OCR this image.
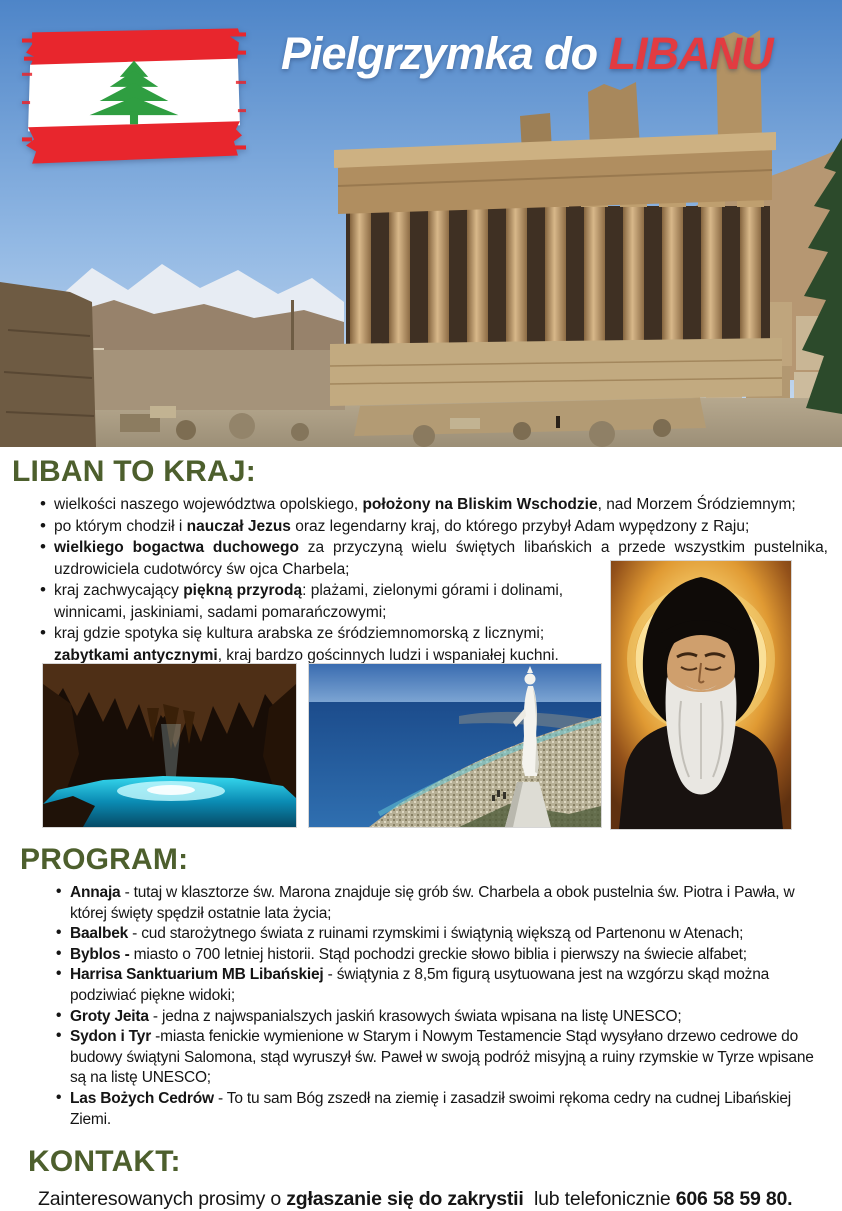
Pielgrzymka do LIBANU
LIBAN TO KRAJ:
• wielkości naszego województwa opolskiego, położony na Bliskim Wschodzie, nad Morzem Śródziemnym;
• po którym chodził i nauczał Jezus oraz legendarny kraj, do którego przybył Adam wypędzony z Raju;
• wielkiego bogactwa duchowego za przyczyną wielu świętych libańskich a przede wszystkim pustelnika, uzdrowiciela cudotwórcy św ojca Charbela;
• kraj zachwycający piękną przyrodą: plażami, zielonymi górami i dolinami, winnicami, jaskiniami, sadami pomarańczowymi;
• kraj gdzie spotyka się kultura arabska ze śródziemnomorską z licznymi; zabytkami antycznymi, kraj bardzo gościnnych ludzi i wspaniałej kuchni.
PROGRAM:
• Annaja - tutaj w klasztorze św. Marona znajduje się grób św. Charbela a obok pustelnia św. Piotra i Pawła, w której święty spędził ostatnie lata życia;
• Baalbek - cud starożytnego świata z ruinami rzymskimi i świątynią większą od Partenonu w Atenach;
• Byblos - miasto o 700 letniej historii. Stąd pochodzi greckie słowo biblia i pierwszy na świecie alfabet;
• Harrisa Sanktuarium MB Libańskiej - świątynia z 8,5m figurą usytuowana jest na wzgórzu skąd można podziwiać piękne widoki;
• Groty Jeita - jedna z najwspanialszych jaskiń krasowych świata wpisana na listę UNESCO;
• Sydon i Tyr -miasta fenickie wymienione w Starym i Nowym Testamencie Stąd wysyłano drzewo cedrowe do budowy świątyni Salomona, stąd wyruszył św. Paweł w swoją podróż misyjną a ruiny rzymskie w Tyrze wpisane są na listę UNESCO;
• Las Bożych Cedrów - To tu sam Bóg zszedł na ziemię i zasadził swoimi rękoma cedry na cudnej Libańskiej Ziemi.
KONTAKT:
Zainteresowanych prosimy o zgłaszanie się do zakrystii  lub telefonicznie 606 58 59 80.
